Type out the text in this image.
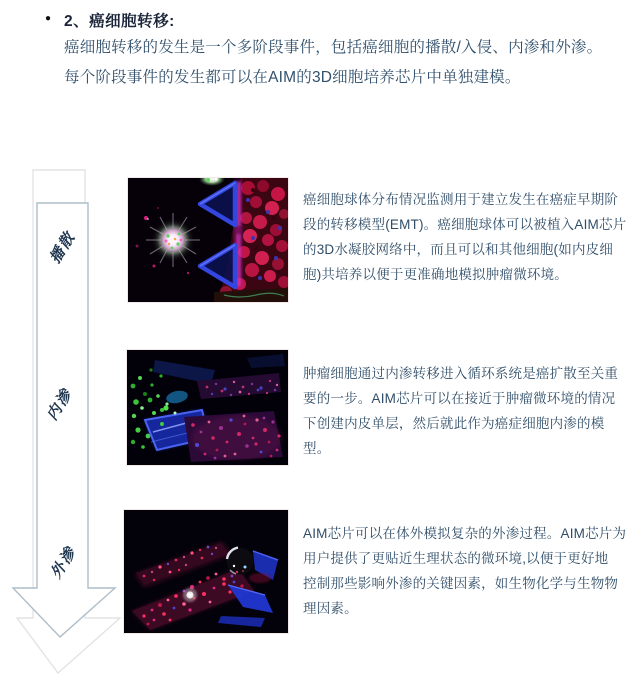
● 2、癌细胞转移:
癌细胞转移的发生是一个多阶段事件，包括癌细胞的播散/入侵、内渗和外渗。
每个阶段事件的发生都可以在AIM的3D细胞培养芯片中单独建模。
播散
内渗
外渗
癌细胞球体分布情况监测用于建立发生在癌症早期阶
段的转移模型(EMT)。癌细胞球体可以被植入AIM芯片
的3D水凝胶网络中，而且可以和其他细胞(如内皮细
胞)共培养以便于更准确地模拟肿瘤微环境。
肿瘤细胞通过内渗转移进入循环系统是癌扩散至关重
要的一步。AIM芯片可以在接近于肿瘤微环境的情况
下创建内皮单层，然后就此作为癌症细胞内渗的模
型。
AIM芯片可以在体外模拟复杂的外渗过程。AIM芯片为
用户提供了更贴近生理状态的微环境,以便于更好地
控制那些影响外渗的关键因素，如生物化学与生物物
理因素。
